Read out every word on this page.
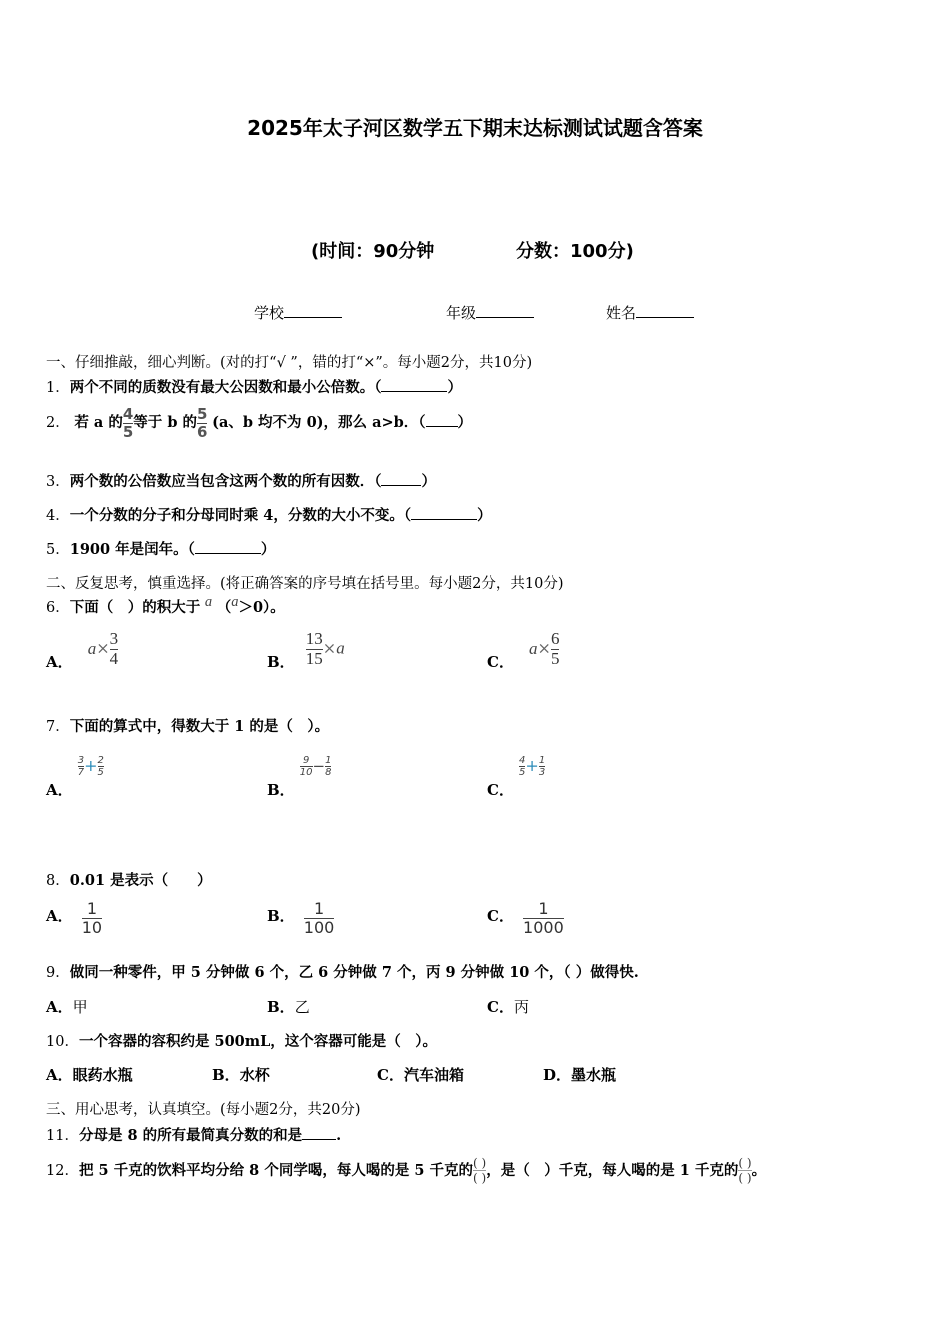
2025年太子河区数学五下期末达标测试试题含答案
(时间：90分钟	分数：100分)
学校	年级	姓名
一、仔细推敲，细心判断。(对的打“√ ”，错的打“×”。每小题2分，共10分)
1．两个不同的质数没有最大公因数和最小公倍数。（	）
2． 若 a 的 $\frac{4}{5}$ 等于 b 的 $\frac{5}{6} (a$、b 均不为 0)，那么 a>b．（ ）
3．两个数的公倍数应当包含这两个数的所有因数．（	）
4．一个分数的分子和分母同时乘 4，分数的大小不变。（	）
5．1900 年是闰年。（	）
二、反复思考，慎重选择。(将正确答案的序号填在括号里。每小题2分，共10分)
6．下面（　）的积大于 a （a＞0）。
A． $a\times \frac{3}{4}$	B． $\frac{13}{15} \times a$
C． $a\times \frac{6}{5}$
7．下面的算式中，得数大于 1 的是（　）。
A．
$\frac{3}{7} + \frac{2}{5}$
B．
$\frac{9}{10} - \frac{1}{8}$
C．
$\frac{4}{5} + \frac{1}{3}$
8．0.01 是表示（　　）
A． $\frac{1}{10}$	B． $\frac{1}{100}$	C． $\frac{1}{1000}$
9．做同一种零件，甲 5 分钟做 6 个，乙 6 分钟做 7 个，丙 9 分钟做 10 个，（ ）做得快.
A．甲	B．乙	C．丙
10．一个容器的容积约是 500mL，这个容器可能是（　）。
A．眼药水瓶	B．水杯	C．汽车油箱	D．墨水瓶
三、用心思考，认真填空。(每小题2分，共20分)
11．分母是 8 的所有最简真分数的和是 .
12．把 5 千克的饮料平均分给 8 个同学喝，每人喝的是 5 千克的 ( )
( ) ，是（　）千克，每人喝的是 1 千克的 ( )
( ) 。
